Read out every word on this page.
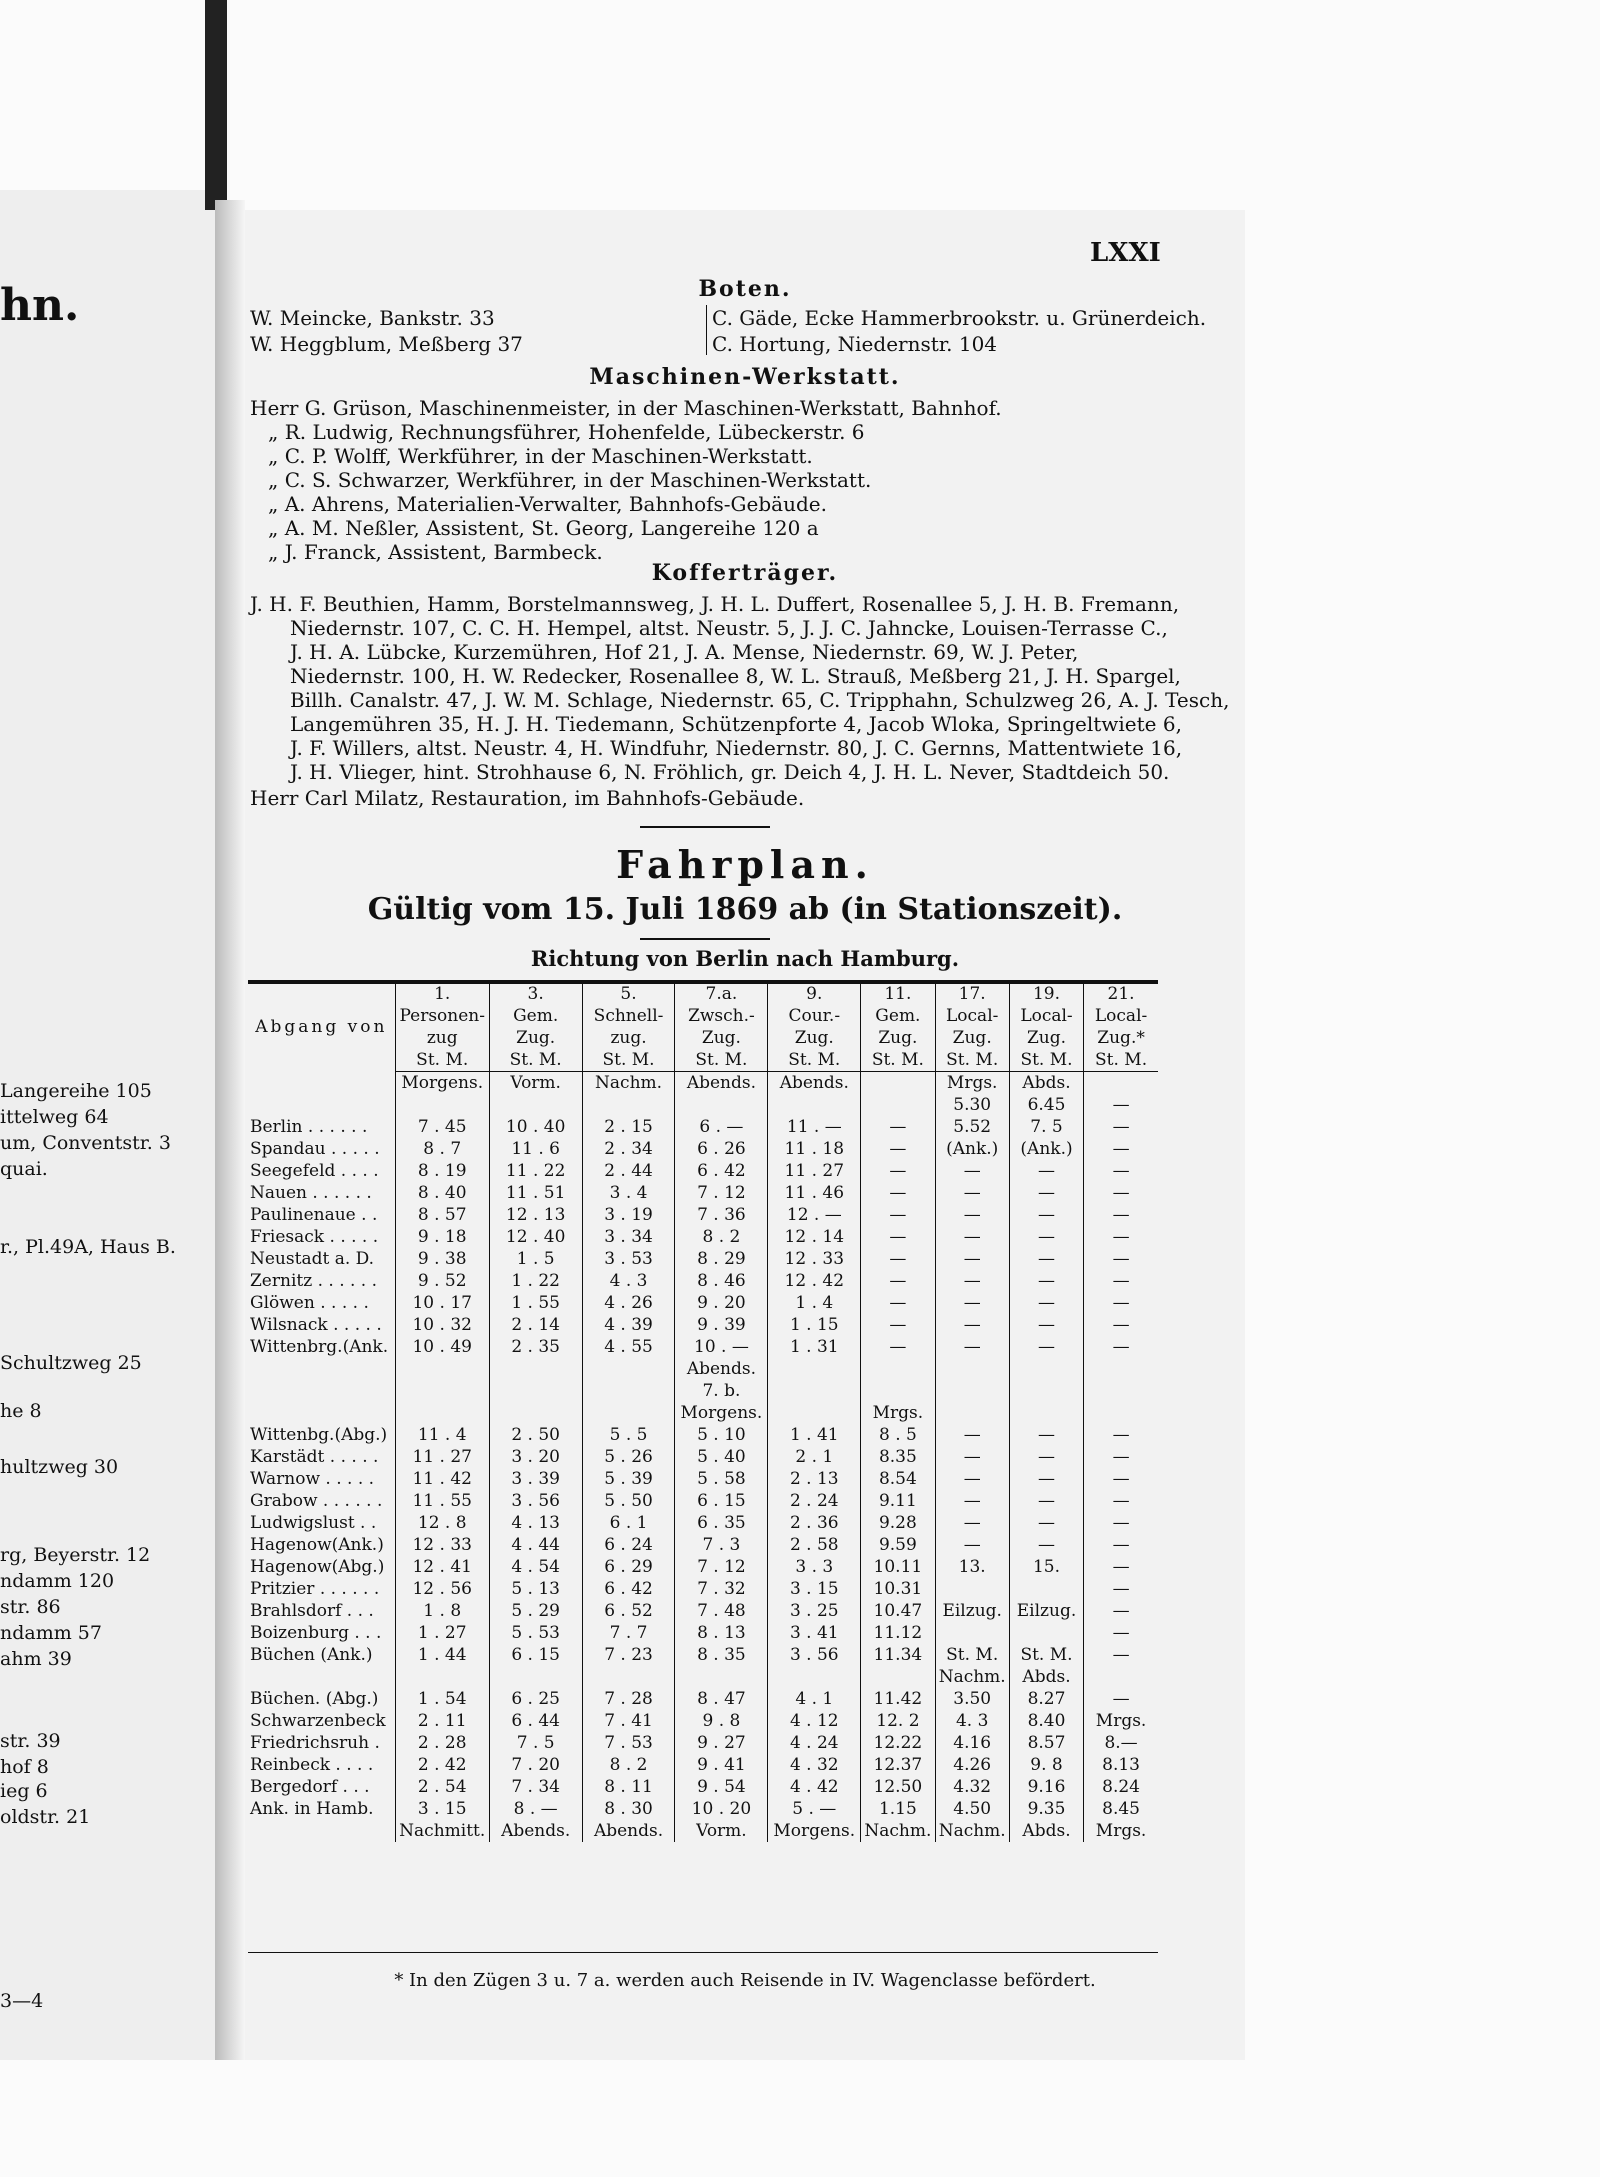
hn.
Langereihe 105
ittelweg 64
um, Conventstr. 3
quai.
r., Pl.49A, Haus B.
Schultzweg 25
he 8
hultzweg 30
rg, Beyerstr. 12
ndamm 120
str. 86
ndamm 57
ahm 39
str. 39
hof 8
ieg 6
oldstr. 21
3—4
LXXI
Boten.
W. Meincke, Bankstr. 33
W. Heggblum, Meßberg 37
C. Gäde, Ecke Hammerbrookstr. u. Grünerdeich.
C. Hortung, Niedernstr. 104
Maschinen-Werkstatt.
Herr G. Grüson, Maschinenmeister, in der Maschinen-Werkstatt, Bahnhof.
„ R. Ludwig, Rechnungsführer, Hohenfelde, Lübeckerstr. 6
„ C. P. Wolff, Werkführer, in der Maschinen-Werkstatt.
„ C. S. Schwarzer, Werkführer, in der Maschinen-Werkstatt.
„ A. Ahrens, Materialien-Verwalter, Bahnhofs-Gebäude.
„ A. M. Neßler, Assistent, St. Georg, Langereihe 120 a
„ J. Franck, Assistent, Barmbeck.
Kofferträger.
J. H. F. Beuthien, Hamm, Borstelmannsweg, J. H. L. Duffert, Rosenallee 5, J. H. B. Fremann,
Niedernstr. 107, C. C. H. Hempel, altst. Neustr. 5, J. J. C. Jahncke, Louisen-Terrasse C.,
J. H. A. Lübcke, Kurzemühren, Hof 21, J. A. Mense, Niedernstr. 69, W. J. Peter,
Niedernstr. 100, H. W. Redecker, Rosenallee 8, W. L. Strauß, Meßberg 21, J. H. Spargel,
Billh. Canalstr. 47, J. W. M. Schlage, Niedernstr. 65, C. Tripphahn, Schulzweg 26, A. J. Tesch,
Langemühren 35, H. J. H. Tiedemann, Schützenpforte 4, Jacob Wloka, Springeltwiete 6,
J. F. Willers, altst. Neustr. 4, H. Windfuhr, Niedernstr. 80, J. C. Gernns, Mattentwiete 16,
J. H. Vlieger, hint. Strohhause 6, N. Fröhlich, gr. Deich 4, J. H. L. Never, Stadtdeich 50.
Herr Carl Milatz, Restauration, im Bahnhofs-Gebäude.
Fahrplan.
Gültig vom 15. Juli 1869 ab (in Stationszeit).
Richtung von Berlin nach Hamburg.
Abgang von	1.	3.	5.	7.a.	9.	11.	17.	19.	21.
	Personen-	Gem.	Schnell-	Zwsch.-	Cour.-	Gem.	Local-	Local-	Local-
	zug	Zug.	zug.	Zug.	Zug.	Zug.	Zug.	Zug.	Zug.*
	St. M.	St. M.	St. M.	St. M.	St. M.	St. M.	St. M.	St. M.	St. M.
	Morgens.	Vorm.	Nachm.	Abends.	Abends.		Mrgs.	Abds.	
							5.30	6.45	—
Berlin . . . . . .	7 . 45	10 . 40	2 . 15	6 . —	11 . —	—	5.52	7. 5	—
Spandau . . . . .	8 . 7	11 . 6	2 . 34	6 . 26	11 . 18	—	(Ank.)	(Ank.)	—
Seegefeld . . . .	8 . 19	11 . 22	2 . 44	6 . 42	11 . 27	—	—	—	—
Nauen . . . . . .	8 . 40	11 . 51	3 . 4	7 . 12	11 . 46	—	—	—	—
Paulinenaue . .	8 . 57	12 . 13	3 . 19	7 . 36	12 . —	—	—	—	—
Friesack . . . . .	9 . 18	12 . 40	3 . 34	8 . 2	12 . 14	—	—	—	—
Neustadt a. D.	9 . 38	1 . 5	3 . 53	8 . 29	12 . 33	—	—	—	—
Zernitz . . . . . .	9 . 52	1 . 22	4 . 3	8 . 46	12 . 42	—	—	—	—
Glöwen . . . . .	10 . 17	1 . 55	4 . 26	9 . 20	1 . 4	—	—	—	—
Wilsnack . . . . .	10 . 32	2 . 14	4 . 39	9 . 39	1 . 15	—	—	—	—
Wittenbrg.(Ank.	10 . 49	2 . 35	4 . 55	10 . —	1 . 31	—	—	—	—
				Abends.					
				7. b.					
				Morgens.		Mrgs.			
Wittenbg.(Abg.)	11 . 4	2 . 50	5 . 5	5 . 10	1 . 41	8 . 5	—	—	—
Karstädt . . . . .	11 . 27	3 . 20	5 . 26	5 . 40	2 . 1	8.35	—	—	—
Warnow . . . . .	11 . 42	3 . 39	5 . 39	5 . 58	2 . 13	8.54	—	—	—
Grabow . . . . . .	11 . 55	3 . 56	5 . 50	6 . 15	2 . 24	9.11	—	—	—
Ludwigslust . .	12 . 8	4 . 13	6 . 1	6 . 35	2 . 36	9.28	—	—	—
Hagenow(Ank.)	12 . 33	4 . 44	6 . 24	7 . 3	2 . 58	9.59	—	—	—
Hagenow(Abg.)	12 . 41	4 . 54	6 . 29	7 . 12	3 . 3	10.11	13.	15.	—
Pritzier . . . . . .	12 . 56	5 . 13	6 . 42	7 . 32	3 . 15	10.31			—
Brahlsdorf . . .	1 . 8	5 . 29	6 . 52	7 . 48	3 . 25	10.47	Eilzug.	Eilzug.	—
Boizenburg . . .	1 . 27	5 . 53	7 . 7	8 . 13	3 . 41	11.12			—
Büchen (Ank.)	1 . 44	6 . 15	7 . 23	8 . 35	3 . 56	11.34	St. M.	St. M.	—
							Nachm.	Abds.	
Büchen. (Abg.)	1 . 54	6 . 25	7 . 28	8 . 47	4 . 1	11.42	3.50	8.27	—
Schwarzenbeck	2 . 11	6 . 44	7 . 41	9 . 8	4 . 12	12. 2	4. 3	8.40	Mrgs.
Friedrichsruh .	2 . 28	7 . 5	7 . 53	9 . 27	4 . 24	12.22	4.16	8.57	8.—
Reinbeck . . . .	2 . 42	7 . 20	8 . 2	9 . 41	4 . 32	12.37	4.26	9. 8	8.13
Bergedorf . . .	2 . 54	7 . 34	8 . 11	9 . 54	4 . 42	12.50	4.32	9.16	8.24
Ank. in Hamb.	3 . 15	8 . —	8 . 30	10 . 20	5 . —	1.15	4.50	9.35	8.45
	Nachmitt.	Abends.	Abends.	Vorm.	Morgens.	Nachm.	Nachm.	Abds.	Mrgs.
* In den Zügen 3 u. 7 a. werden auch Reisende in IV. Wagenclasse befördert.
